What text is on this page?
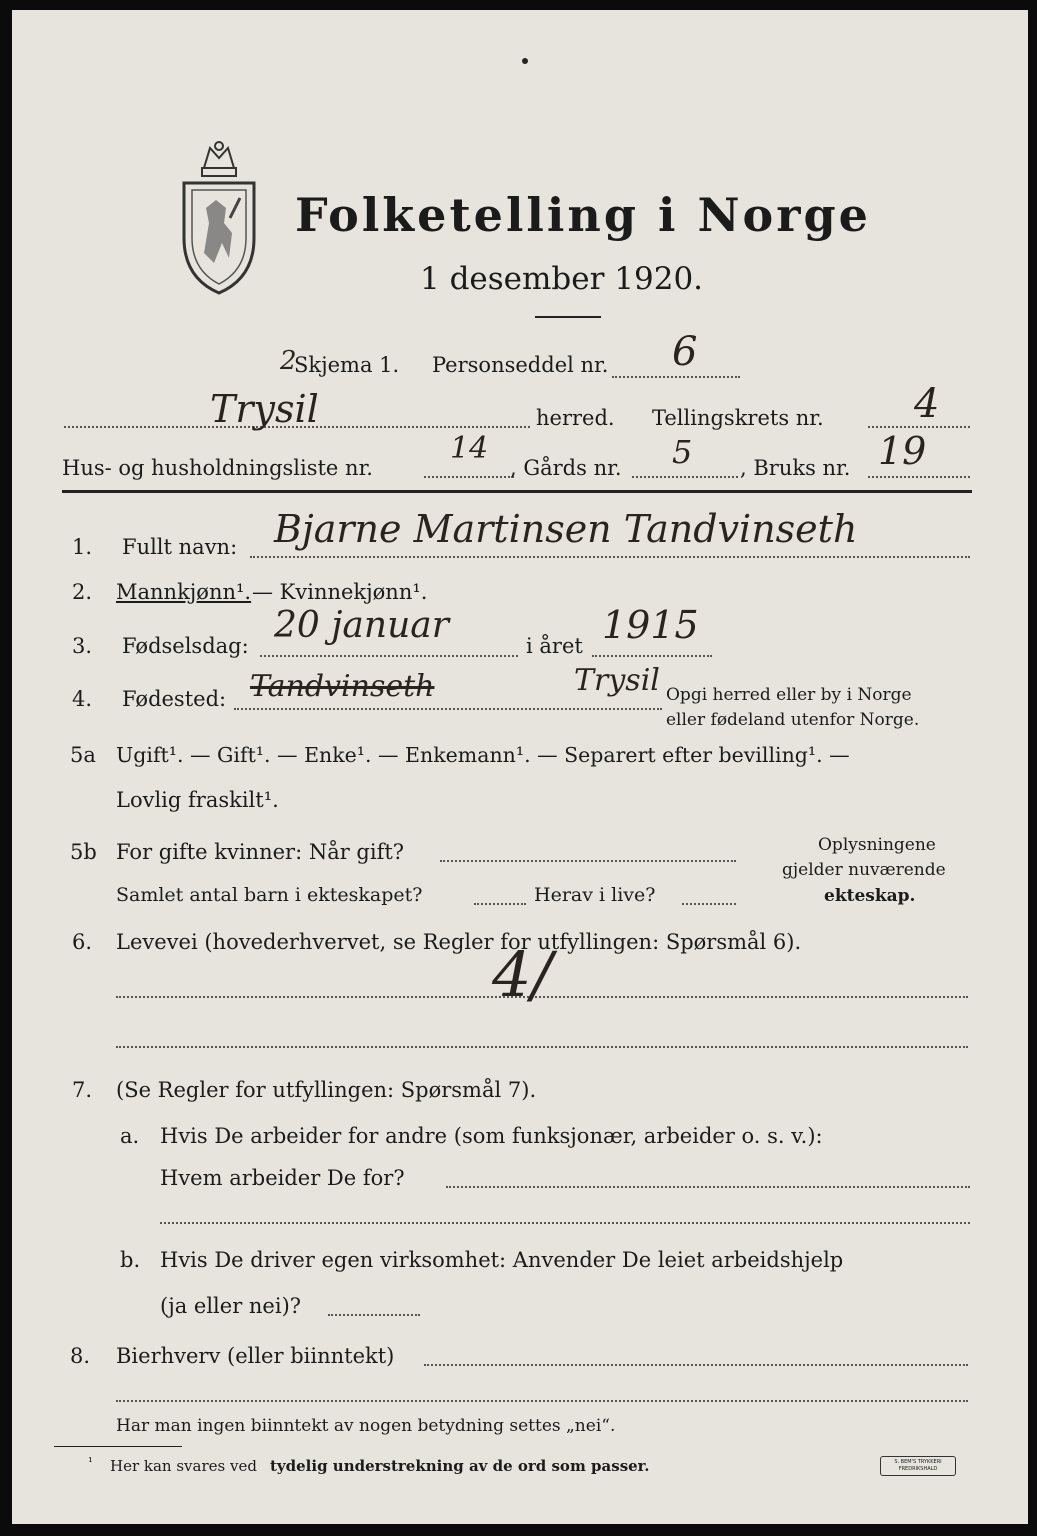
Folketelling i Norge
1 desember 1920.
2
Skjema 1. Personseddel nr. 6
Trysil	herred. Tellingskrets nr. 4
Hus- og husholdningsliste nr.
14
, Gårds nr. 5 , Bruks nr. 19
1. Fullt navn: Bjarne Martinsen Tandvinseth
2. Mannkjønn¹. — Kvinnekjønn¹.
3. Fødselsdag: 20 januar	i året 1915
4. Fødested: Tandvinseth	Trysil Opgi herred eller by i Norge
eller fødeland utenfor Norge.
5a Ugift¹. — Gift¹. — Enke¹. — Enkemann¹. — Separert efter bevilling¹. —
Lovlig fraskilt¹.
5b For gifte kvinner: Når gift?
Samlet antal barn i ekteskapet?	Herav i live?
Oplysningene
gjelder nuværende
ekteskap.
6. Levevei (hovederhvervet, se Regler for utfyllingen: Spørsmål 6).
4/
7. (Se Regler for utfyllingen: Spørsmål 7).
a. Hvis De arbeider for andre (som funksjonær, arbeider o. s. v.):
Hvem arbeider De for?
b. Hvis De driver egen virksomhet: Anvender De leiet arbeidshjelp
(ja eller nei)?
8. Bierhverv (eller biinntekt)
Har man ingen biinntekt av nogen betydning settes „nei“.
¹ Her kan svares ved tydelig understrekning av de ord som passer.	S. BEM'S TRYKKERI FREDRIKSHALD
